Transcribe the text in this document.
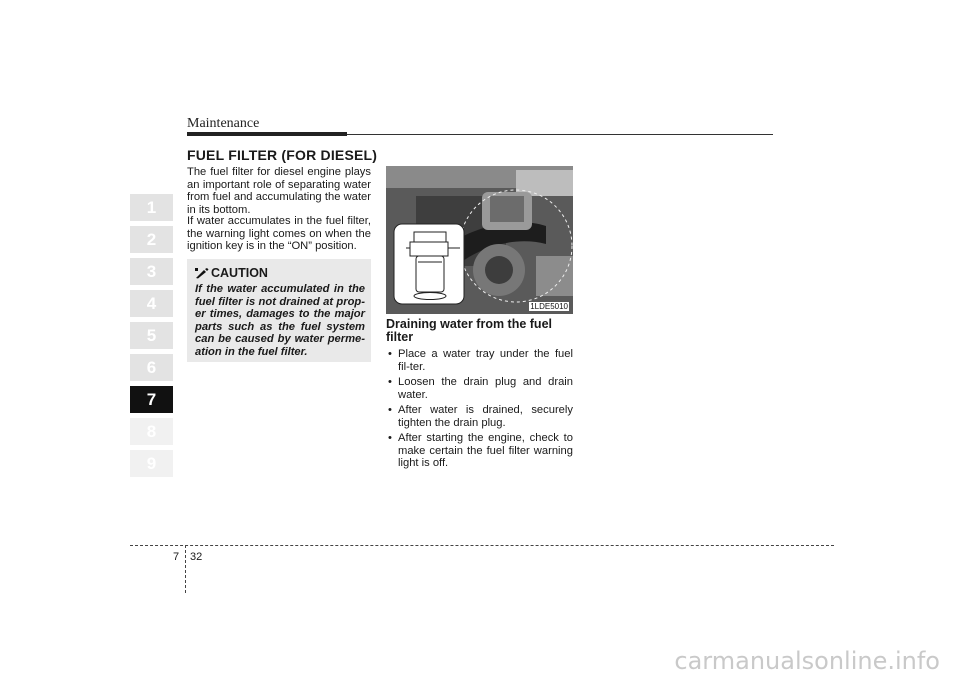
Maintenance
1
2
3
4
5
6
7
8
9
FUEL FILTER (FOR DIESEL)
The fuel filter for diesel engine plays an important role of separating water from fuel and accumulating the water in its bottom.
If water accumulates in the fuel filter, the warning light comes on when the ignition key is in the “ON” position.
CAUTION
If the water accumulated in the fuel filter is not drained at prop-er times, damages to the major parts such as the fuel system can be caused by water perme-ation in the fuel filter.
1LDE5010
Draining water from the fuel filter
• Place a water tray under the fuel fil-ter.
• Loosen the drain plug and drain water.
• After water is drained, securely tighten the drain plug.
• After starting the engine, check to make certain the fuel filter warning light is off.
7 32
carmanualsonline.info
